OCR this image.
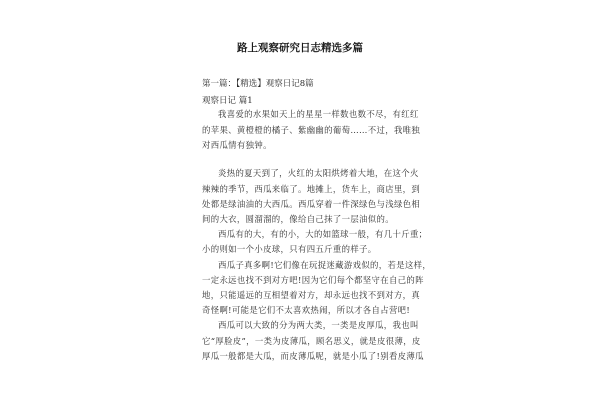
路上观察研究日志精选多篇
第一篇：【精选】观察日记8篇
观察日记 篇1
我喜爱的水果如天上的星星一样数也数不尽，有红红
的苹果、黄橙橙的橘子、紫幽幽的葡萄……不过，我唯独
对西瓜情有独钟。
炎热的夏天到了，火红的太阳烘烤着大地，在这个火
辣辣的季节，西瓜来临了。地摊上，货车上，商店里，到
处都是绿油油的大西瓜。西瓜穿着一件深绿色与浅绿色相
间的大衣，圆溜溜的，像给自己抹了一层油似的。
西瓜有的大，有的小，大的如篮球一般，有几十斤重；
小的则如一个小皮球，只有四五斤重的样子。
西瓜子真多啊!它们像在玩捉迷藏游戏似的，若是这样，
一定永远也找不到对方吧!因为它们每个都坚守在自己的阵
地，只能遥远的互相望着对方，却永远也找不到对方，真
奇怪啊!可能是它们不太喜欢热闹，所以才各自占营吧!
西瓜可以大致的分为两大类，一类是皮厚瓜，我也叫
它“厚脸皮”，一类为皮薄瓜，顾名思义，就是皮很薄，皮
厚瓜一般都是大瓜，而皮薄瓜呢，就是小瓜了!别看皮薄瓜
